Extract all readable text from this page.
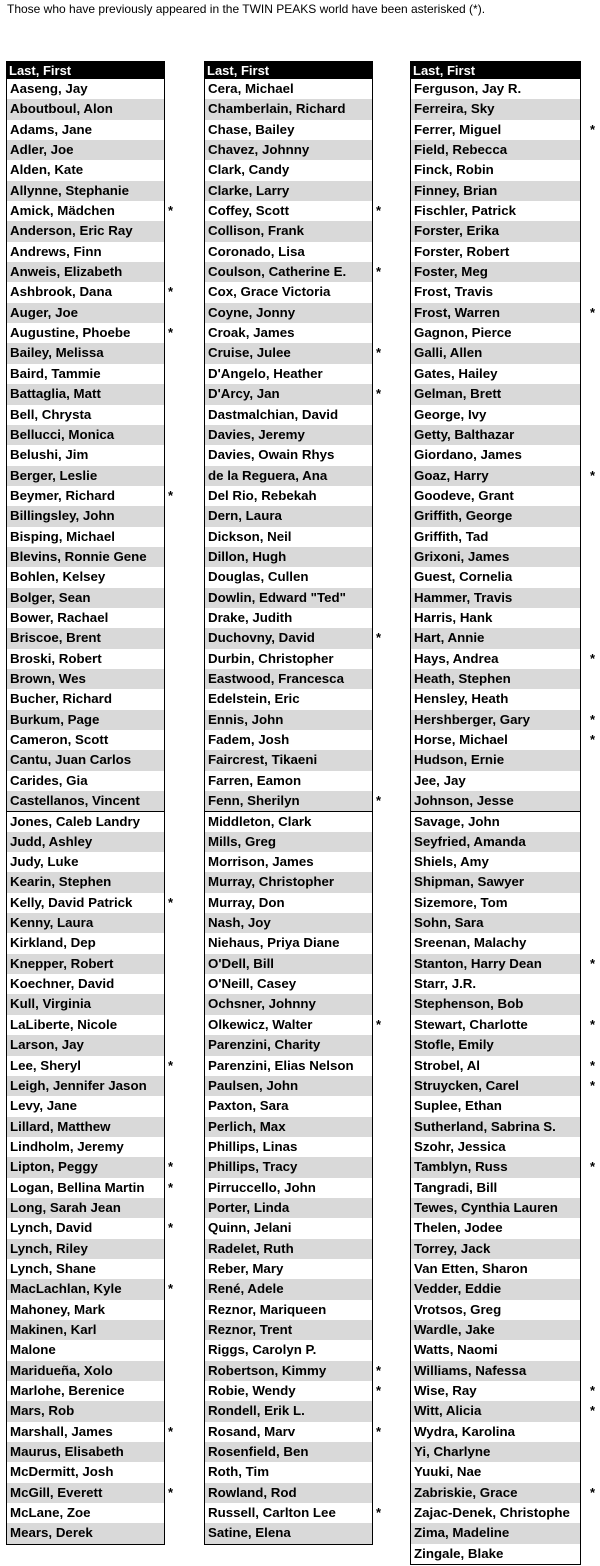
Those who have previously appeared in the TWIN PEAKS world have been asterisked (*).
Last, First
Aaseng, Jay
Aboutboul, Alon
Adams, Jane
Adler, Joe
Alden, Kate
Allynne, Stephanie
Amick, Mädchen	*
Anderson, Eric Ray
Andrews, Finn
Anweis, Elizabeth
Ashbrook, Dana	*
Auger, Joe
Augustine, Phoebe	*
Bailey, Melissa
Baird, Tammie
Battaglia, Matt
Bell, Chrysta
Bellucci, Monica
Belushi, Jim
Berger, Leslie
Beymer, Richard	*
Billingsley, John
Bisping, Michael
Blevins, Ronnie Gene
Bohlen, Kelsey
Bolger, Sean
Bower, Rachael
Briscoe, Brent
Broski, Robert
Brown, Wes
Bucher, Richard
Burkum, Page
Cameron, Scott
Cantu, Juan Carlos
Carides, Gia
Castellanos, Vincent
Jones, Caleb Landry
Judd, Ashley
Judy, Luke
Kearin, Stephen
Kelly, David Patrick	*
Kenny, Laura
Kirkland, Dep
Knepper, Robert
Koechner, David
Kull, Virginia
LaLiberte, Nicole
Larson, Jay
Lee, Sheryl	*
Leigh, Jennifer Jason
Levy, Jane
Lillard, Matthew
Lindholm, Jeremy
Lipton, Peggy	*
Logan, Bellina Martin *
Long, Sarah Jean
Lynch, David	*
Lynch, Riley
Lynch, Shane
MacLachlan, Kyle	*
Mahoney, Mark
Makinen, Karl
Malone
Maridueña, Xolo
Marlohe, Berenice
Mars, Rob
Marshall, James	*
Maurus, Elisabeth
McDermitt, Josh
McGill, Everett	*
McLane, Zoe
Mears, Derek
Last, First
Cera, Michael
Chamberlain, Richard
Chase, Bailey
Chavez, Johnny
Clark, Candy
Clarke, Larry
Coffey, Scott	*
Collison, Frank
Coronado, Lisa
Coulson, Catherine E. *
Cox, Grace Victoria
Coyne, Jonny
Croak, James
Cruise, Julee	*
D'Angelo, Heather
D'Arcy, Jan	*
Dastmalchian, David
Davies, Jeremy
Davies, Owain Rhys
de la Reguera, Ana
Del Rio, Rebekah
Dern, Laura
Dickson, Neil
Dillon, Hugh
Douglas, Cullen
Dowlin, Edward "Ted"
Drake, Judith
Duchovny, David	*
Durbin, Christopher
Eastwood, Francesca
Edelstein, Eric
Ennis, John
Fadem, Josh
Faircrest, Tikaeni
Farren, Eamon
Fenn, Sherilyn	*
Middleton, Clark
Mills, Greg
Morrison, James
Murray, Christopher
Murray, Don
Nash, Joy
Niehaus, Priya Diane
O'Dell, Bill
O'Neill, Casey
Ochsner, Johnny
Olkewicz, Walter	*
Parenzini, Charity
Parenzini, Elias Nelson
Paulsen, John
Paxton, Sara
Perlich, Max
Phillips, Linas
Phillips, Tracy
Pirruccello, John
Porter, Linda
Quinn, Jelani
Radelet, Ruth
Reber, Mary
René, Adele
Reznor, Mariqueen
Reznor, Trent
Riggs, Carolyn P.
Robertson, Kimmy	*
Robie, Wendy	*
Rondell, Erik L.
Rosand, Marv	*
Rosenfield, Ben
Roth, Tim
Rowland, Rod
Russell, Carlton Lee	*
Satine, Elena
Last, First
Ferguson, Jay R.
Ferreira, Sky
Ferrer, Miguel	*
Field, Rebecca
Finck, Robin
Finney, Brian
Fischler, Patrick
Forster, Erika
Forster, Robert
Foster, Meg
Frost, Travis
Frost, Warren	*
Gagnon, Pierce
Galli, Allen
Gates, Hailey
Gelman, Brett
George, Ivy
Getty, Balthazar
Giordano, James
Goaz, Harry	*
Goodeve, Grant
Griffith, George
Griffith, Tad
Grixoni, James
Guest, Cornelia
Hammer, Travis
Harris, Hank
Hart, Annie
Hays, Andrea	*
Heath, Stephen
Hensley, Heath
Hershberger, Gary	*
Horse, Michael	*
Hudson, Ernie
Jee, Jay
Johnson, Jesse
Savage, John
Seyfried, Amanda
Shiels, Amy
Shipman, Sawyer
Sizemore, Tom
Sohn, Sara
Sreenan, Malachy
Stanton, Harry Dean	*
Starr, J.R.
Stephenson, Bob
Stewart, Charlotte	*
Stofle, Emily
Strobel, Al	*
Struycken, Carel	*
Suplee, Ethan
Sutherland, Sabrina S.
Szohr, Jessica
Tamblyn, Russ	*
Tangradi, Bill
Tewes, Cynthia Lauren
Thelen, Jodee
Torrey, Jack
Van Etten, Sharon
Vedder, Eddie
Vrotsos, Greg
Wardle, Jake
Watts, Naomi
Williams, Nafessa
Wise, Ray	*
Witt, Alicia	*
Wydra, Karolina
Yi, Charlyne
Yuuki, Nae
Zabriskie, Grace	*
Zajac-Denek, Christophe
Zima, Madeline
Zingale, Blake
